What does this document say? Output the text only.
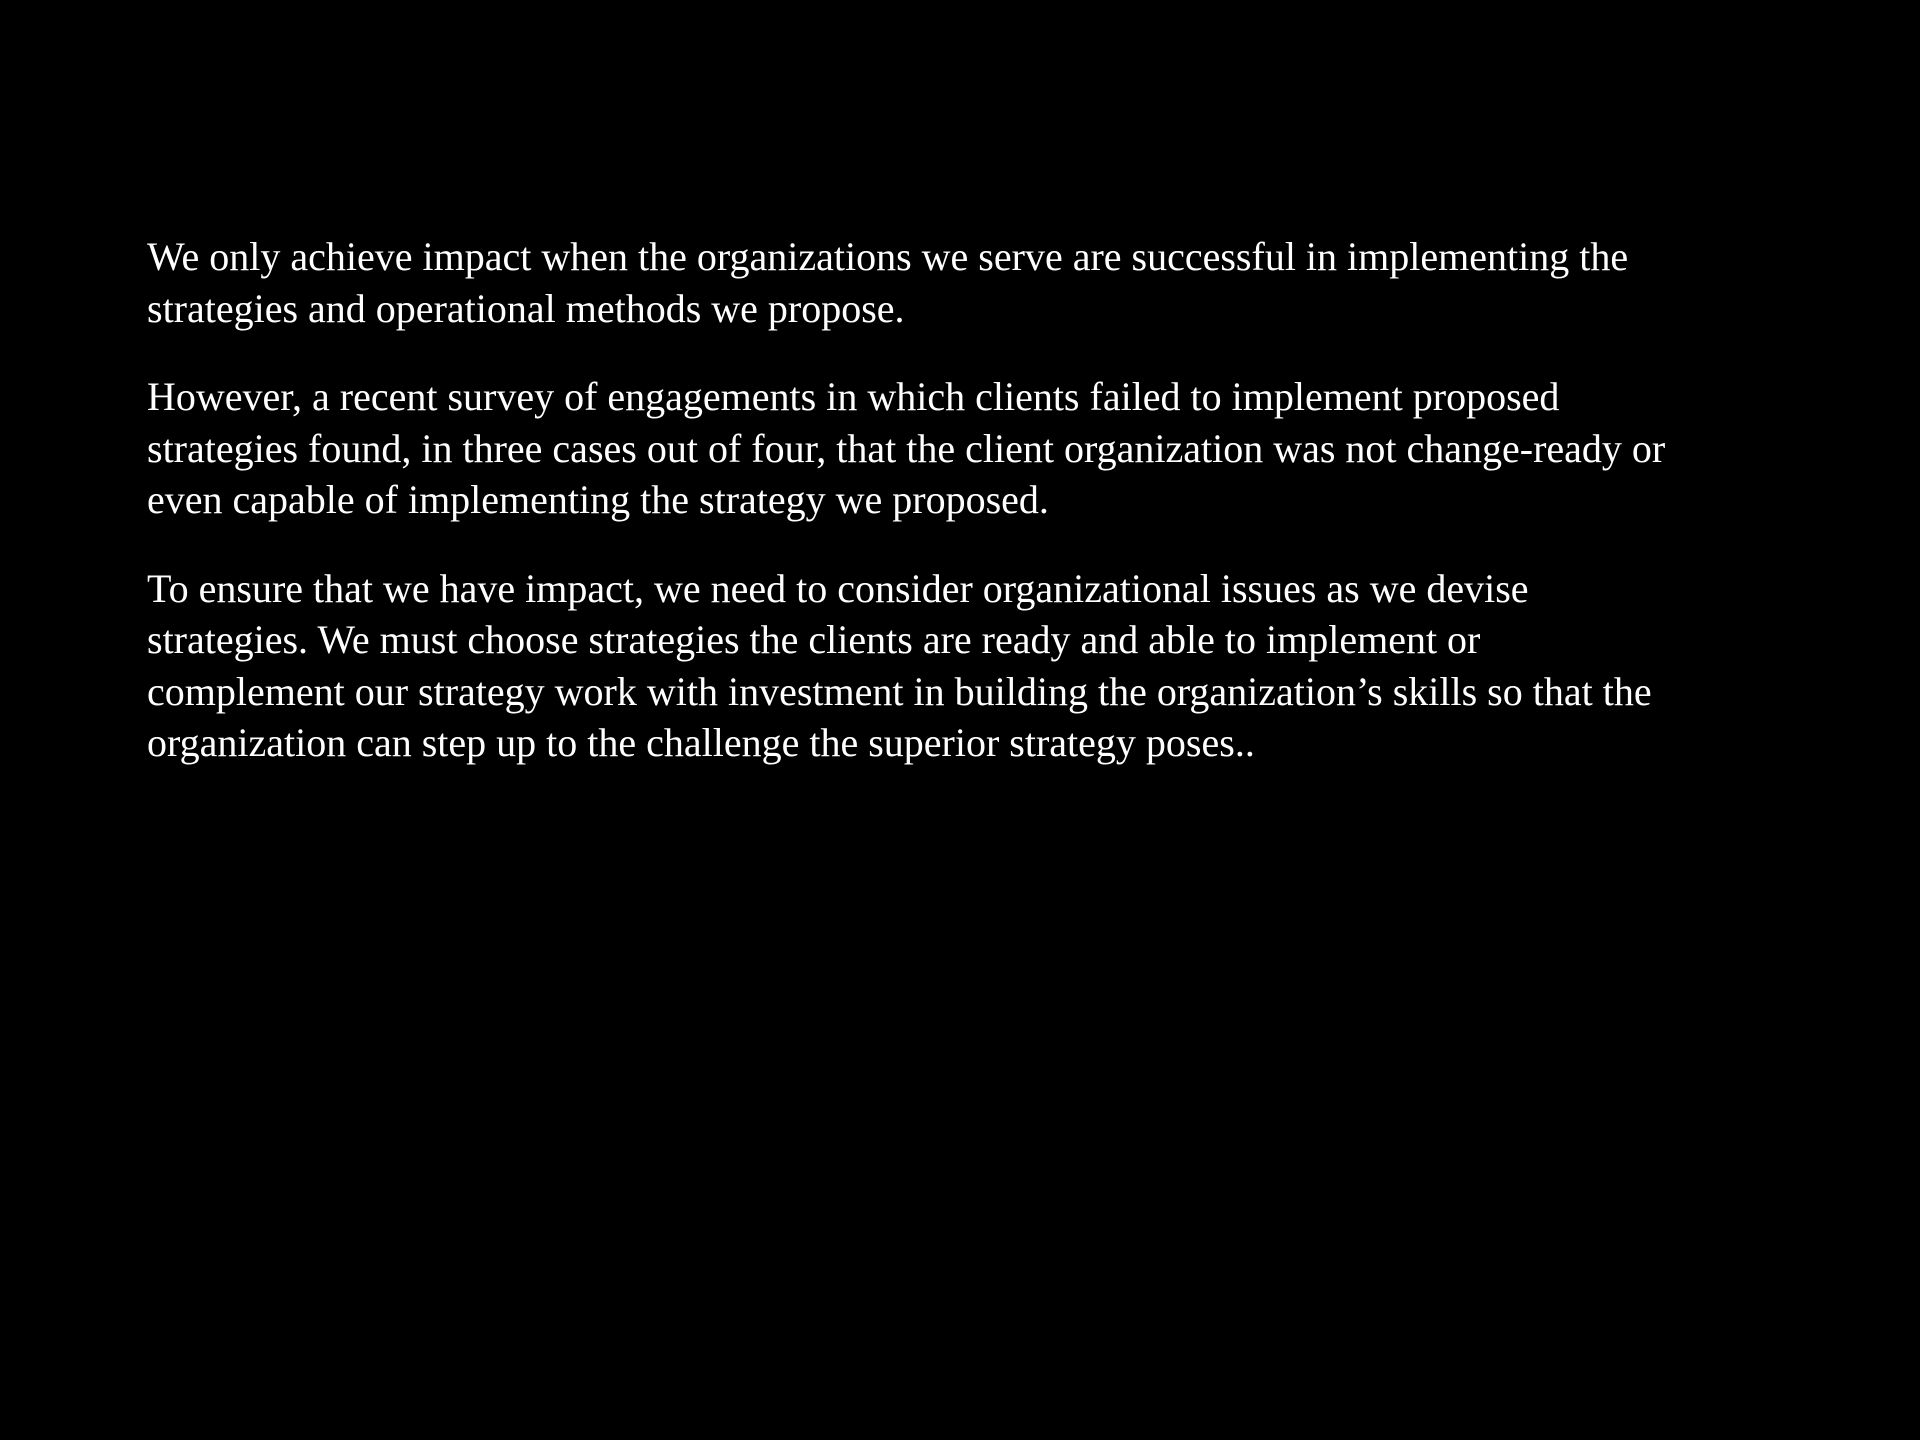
We only achieve impact when the organizations we serve are successful in implementing the
strategies and operational methods we propose.

However, a recent survey of engagements in which clients failed to implement proposed
strategies found, in three cases out of four, that the client organization was not change-ready or
even capable of implementing the strategy we proposed.

To ensure that we have impact, we need to consider organizational issues as we devise
strategies. We must choose strategies the clients are ready and able to implement or
complement our strategy work with investment in building the organization’s skills so that the
organization can step up to the challenge the superior strategy poses..
